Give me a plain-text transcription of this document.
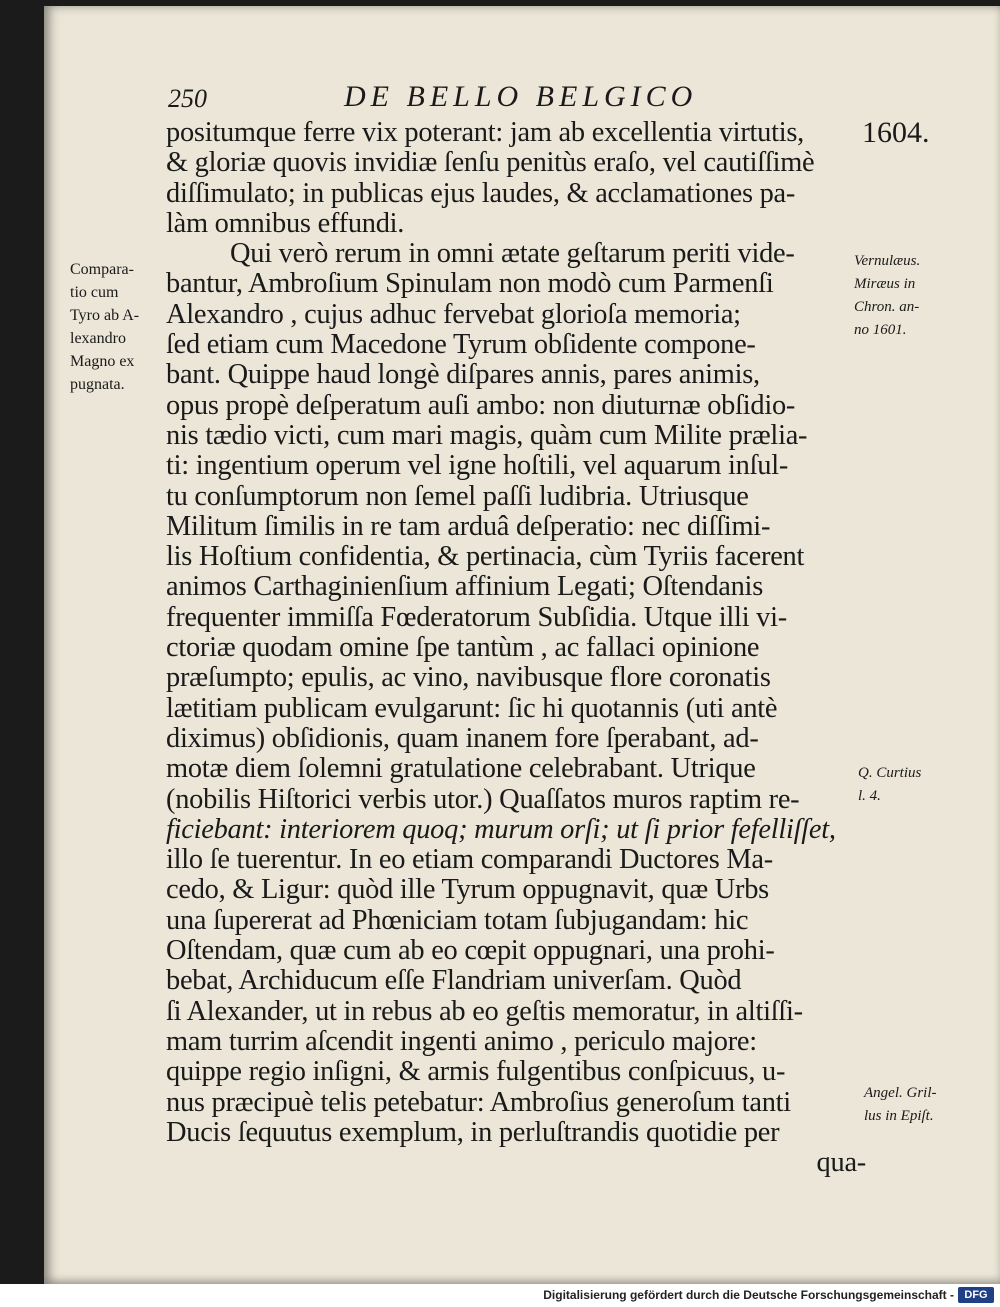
250	DE BELLO BELGICO
1604.
Compara-
tio cum
Tyro ab A-
lexandro
Magno ex
pugnata.
positumque ferre vix poterant: jam ab excellentia virtutis,
& gloriæ quovis invidiæ ſenſu penitùs eraſo, vel cautiſſimè
diſſimulato; in publicas ejus laudes, & acclamationes pa-
làm omnibus effundi.
Qui verò rerum in omni ætate geſtarum periti vide-
bantur, Ambroſium Spinulam non modò cum Parmenſi
Alexandro , cujus adhuc fervebat glorioſa memoria;
ſed etiam cum Macedone Tyrum obſidente compone-
bant. Quippe haud longè diſpares annis, pares animis,
opus propè deſperatum auſi ambo: non diuturnæ obſidio-
nis tædio victi, cum mari magis, quàm cum Milite prælia-
ti: ingentium operum vel igne hoſtili, vel aquarum inſul-
tu conſumptorum non ſemel paſſi ludibria. Utriusque
Militum ſimilis in re tam arduâ deſperatio: nec diſſimi-
lis Hoſtium confidentia, & pertinacia, cùm Tyriis facerent
animos Carthaginienſium affinium Legati; Oſtendanis
frequenter immiſſa Fœderatorum Subſidia. Utque illi vi-
ctoriæ quodam omine ſpe tantùm , ac fallaci opinione
præſumpto; epulis, ac vino, navibusque flore coronatis
lætitiam publicam evulgarunt: ſic hi quotannis (uti antè
diximus) obſidionis, quam inanem fore ſperabant, ad-
motæ diem ſolemni gratulatione celebrabant. Utrique
(nobilis Hiſtorici verbis utor.) Quaſſatos muros raptim re-
ficiebant: interiorem quoq; murum orſi; ut ſi prior fefelliſſet,
illo ſe tuerentur. In eo etiam comparandi Ductores Ma-
cedo, & Ligur: quòd ille Tyrum oppugnavit, quæ Urbs
una ſupererat ad Phœniciam totam ſubjugandam: hic
Oſtendam, quæ cum ab eo cœpit oppugnari, una prohi-
bebat, Archiducum eſſe Flandriam univerſam. Quòd
ſi Alexander, ut in rebus ab eo geſtis memoratur, in altiſſi-
mam turrim aſcendit ingenti animo , periculo majore:
quippe regio inſigni, & armis fulgentibus conſpicuus, u-
nus præcipuè telis petebatur: Ambroſius generoſum tanti
Ducis ſequutus exemplum, in perluſtrandis quotidie per
qua-
Vernulæus.
Miræus in
Chron. an-
no 1601.
Q. Curtius
l. 4.
Angel. Gril-
lus in Epiſt.
Digitalisierung gefördert durch die Deutsche Forschungsgemeinschaft - DFG
